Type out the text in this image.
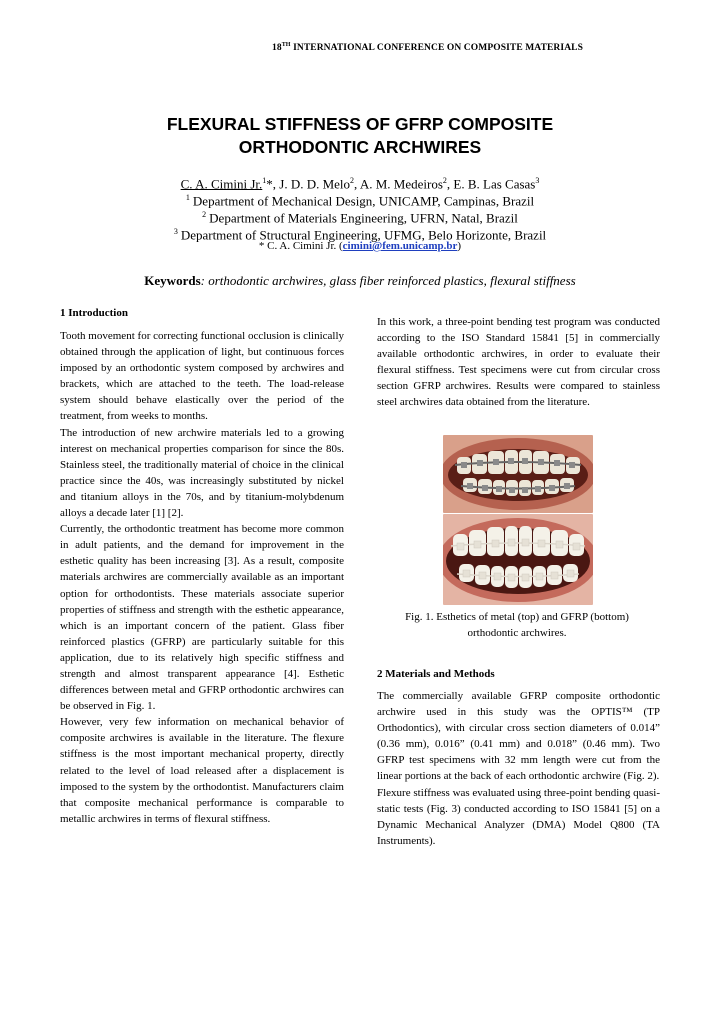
18TH INTERNATIONAL CONFERENCE ON COMPOSITE MATERIALS
FLEXURAL STIFFNESS OF GFRP COMPOSITE
ORTHODONTIC ARCHWIRES
C. A. Cimini Jr.$^1$*, J. D. D. Melo$^2$, A. M. Medeiros$^2$, E. B. Las Casas$^3$
$^1$ Department of Mechanical Design, UNICAMP, Campinas, Brazil
$^2$ Department of Materials Engineering, UFRN, Natal, Brazil
$^3$ Department of Structural Engineering, UFMG, Belo Horizonte, Brazil
* C. A. Cimini Jr. (cimini@fem.unicamp.br)
Keywords: orthodontic archwires, glass fiber reinforced plastics, flexural stiffness
1 Introduction

Tooth movement for correcting functional occlusion is clinically obtained through the application of light, but continuous forces imposed by an orthodontic system composed by archwires and brackets, which are attached to the teeth. The load-release system should behave elastically over the period of the treatment, from weeks to months.

The introduction of new archwire materials led to a growing interest on mechanical properties comparison for since the 80s. Stainless steel, the traditionally material of choice in the clinical practice since the 40s, was increasingly substituted by nickel and titanium alloys in the 70s, and by titanium-molybdenum alloys a decade later [1] [2].

Currently, the orthodontic treatment has become more common in adult patients, and the demand for improvement in the esthetic quality has been increasing [3]. As a result, composite materials archwires are commercially available as an important option for orthodontists. These materials associate superior properties of stiffness and strength with the esthetic appearance, which is an important concern of the patient. Glass fiber reinforced plastics (GFRP) are particularly suitable for this application, due to its relatively high specific stiffness and strength and almost transparent appearance [4]. Esthetic differences between metal and GFRP orthodontic archwires can be observed in Fig. 1.

However, very few information on mechanical behavior of composite archwires is available in the literature. The flexure stiffness is the most important mechanical property, directly related to the level of load released after a displacement is imposed to the system by the orthodontist. Manufacturers claim that composite mechanical performance is comparable to metallic archwires in terms of flexural stiffness.

In this work, a three-point bending test program was conducted according to the ISO Standard 15841 [5] in commercially available orthodontic archwires, in order to evaluate their flexural stiffness. Test specimens were cut from circular cross section GFRP archwires. Results were compared to stainless steel archwires data obtained from the literature.
Fig. 1. Esthetics of metal (top) and GFRP (bottom)
orthodontic archwires.
2 Materials and Methods

The commercially available GFRP composite orthodontic archwire used in this study was the OPTIS™ (TP Orthodontics), with circular cross section diameters of 0.014” (0.36 mm), 0.016” (0.41 mm) and 0.018” (0.46 mm). Two GFRP test specimens with 32 mm length were cut from the linear portions at the back of each orthodontic archwire (Fig. 2).

Flexure stiffness was evaluated using three-point bending quasi-static tests (Fig. 3) conducted according to ISO 15841 [5] on a Dynamic Mechanical Analyzer (DMA) Model Q800 (TA Instruments).
